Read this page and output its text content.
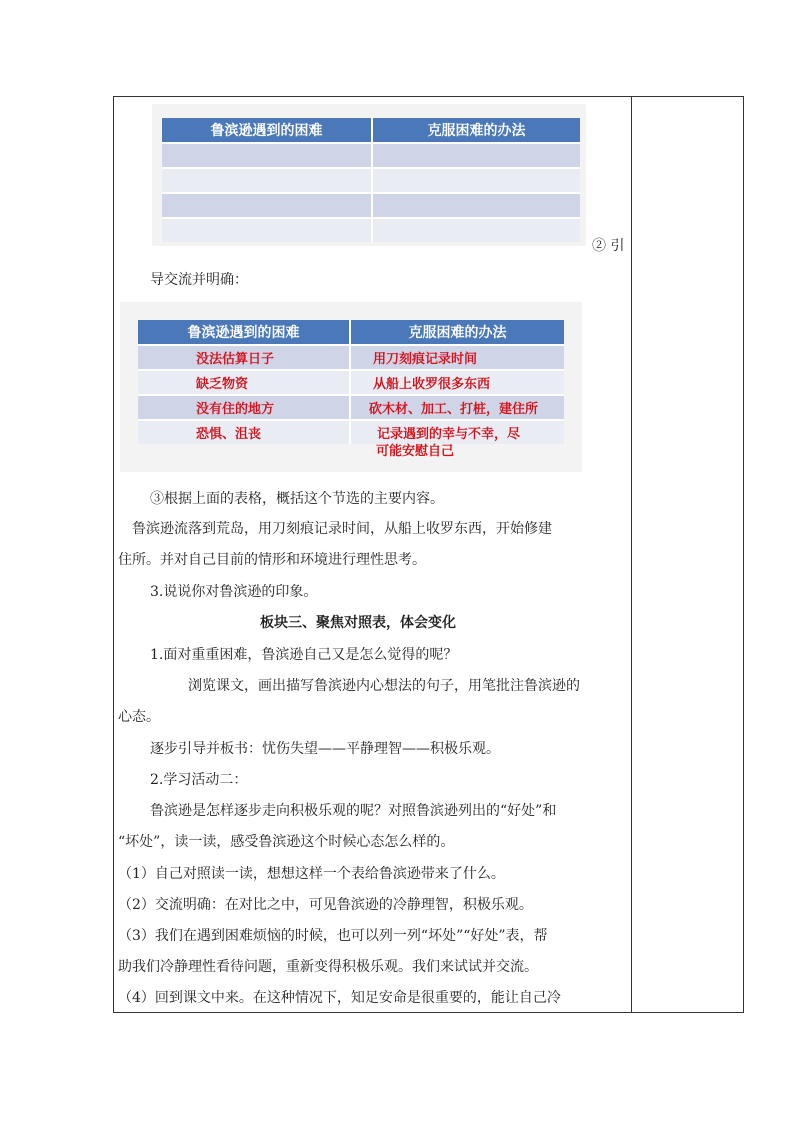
鲁滨逊遇到的困难	克服困难的办法

② 引
导交流并明确：
鲁滨逊遇到的困难	克服困难的办法
没法估算日子	用刀刻痕记录时间
缺乏物资	从船上收罗很多东西
没有住的地方	砍木材、加工、打桩，建住所
恐惧、沮丧	记录遇到的幸与不幸，尽
可能安慰自己
③根据上面的表格，概括这个节选的主要内容。
鲁滨逊流落到荒岛，用刀刻痕记录时间，从船上收罗东西，开始修建
住所。并对自己目前的情形和环境进行理性思考。
3.说说你对鲁滨逊的印象。
板块三、聚焦对照表，体会变化
1.面对重重困难，鲁滨逊自己又是怎么觉得的呢？
浏览课文，画出描写鲁滨逊内心想法的句子，用笔批注鲁滨逊的
心态。
逐步引导并板书：忧伤失望——平静理智——积极乐观。
2.学习活动二：
鲁滨逊是怎样逐步走向积极乐观的呢？对照鲁滨逊列出的“好处”和
“坏处”，读一读，感受鲁滨逊这个时候心态怎么样的。
（1）自己对照读一读，想想这样一个表给鲁滨逊带来了什么。
（2）交流明确：在对比之中，可见鲁滨逊的冷静理智，积极乐观。
（3）我们在遇到困难烦恼的时候，也可以列一列“坏处”“好处”表，帮
助我们冷静理性看待问题，重新变得积极乐观。我们来试试并交流。
（4）回到课文中来。在这种情况下，知足安命是很重要的，能让自己冷
